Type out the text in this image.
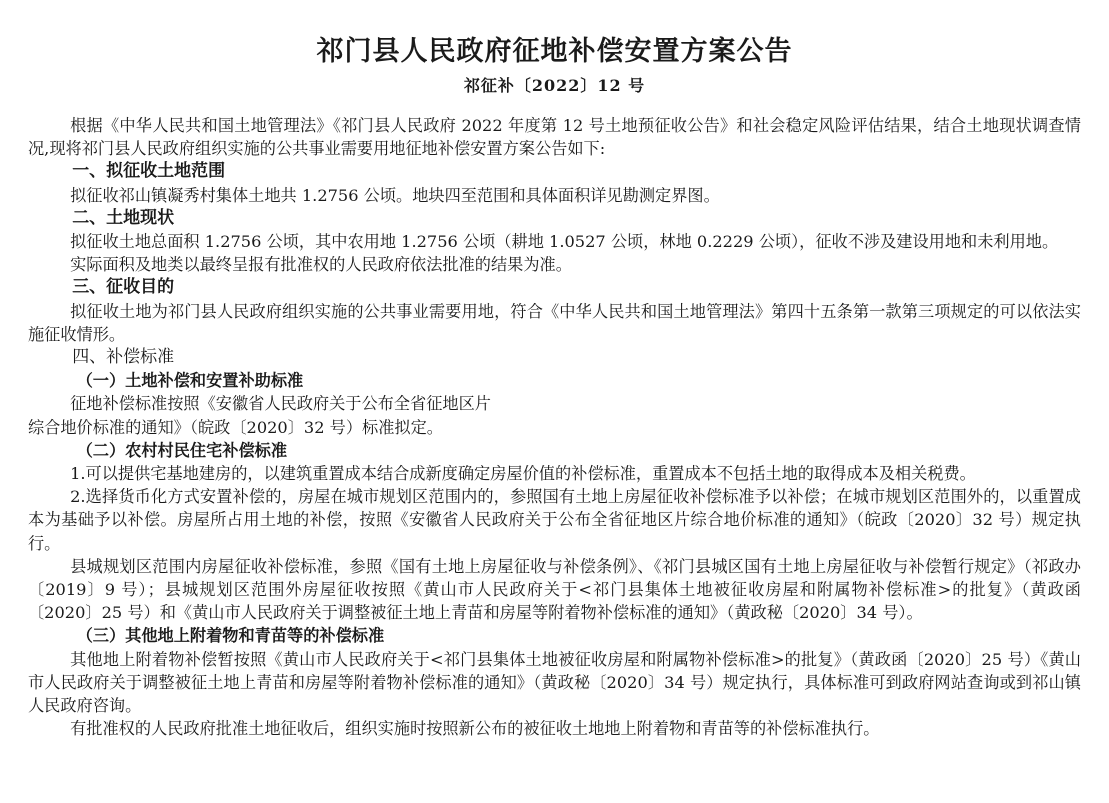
祁门县人民政府征地补偿安置方案公告
祁征补〔2022〕12 号

根据《中华人民共和国土地管理法》《祁门县人民政府 2022 年度第 12 号土地预征收公告》和社会稳定风险评估结果，结合土地现状调查情况,现将祁门县人民政府组织实施的公共事业需要用地征地补偿安置方案公告如下:

一、拟征收土地范围

拟征收祁山镇凝秀村集体土地共 1.2756 公顷。地块四至范围和具体面积详见勘测定界图。

二、土地现状

拟征收土地总面积 1.2756 公顷，其中农用地 1.2756 公顷（耕地 1.0527 公顷，林地 0.2229 公顷），征收不涉及建设用地和未利用地。

实际面积及地类以最终呈报有批准权的人民政府依法批准的结果为准。

三、征收目的

拟征收土地为祁门县人民政府组织实施的公共事业需要用地，符合《中华人民共和国土地管理法》第四十五条第一款第三项规定的可以依法实施征收情形。

四、补偿标准

（一）土地补偿和安置补助标准

征地补偿标准按照《安徽省人民政府关于公布全省征地区片

综合地价标准的通知》（皖政〔2020〕32 号）标准拟定。

（二）农村村民住宅补偿标准

1.可以提供宅基地建房的，以建筑重置成本结合成新度确定房屋价值的补偿标准，重置成本不包括土地的取得成本及相关税费。

2.选择货币化方式安置补偿的，房屋在城市规划区范围内的，参照国有土地上房屋征收补偿标准予以补偿；在城市规划区范围外的，以重置成本为基础予以补偿。房屋所占用土地的补偿，按照《安徽省人民政府关于公布全省征地区片综合地价标准的通知》（皖政〔2020〕32 号）规定执行。

县城规划区范围内房屋征收补偿标准，参照《国有土地上房屋征收与补偿条例》、《祁门县城区国有土地上房屋征收与补偿暂行规定》（祁政办〔2019〕9 号）；县城规划区范围外房屋征收按照《黄山市人民政府关于<祁门县集体土地被征收房屋和附属物补偿标准>的批复》（黄政函〔2020〕25 号）和《黄山市人民政府关于调整被征土地上青苗和房屋等附着物补偿标准的通知》（黄政秘〔2020〕34 号）。

（三）其他地上附着物和青苗等的补偿标准

其他地上附着物补偿暂按照《黄山市人民政府关于<祁门县集体土地被征收房屋和附属物补偿标准>的批复》（黄政函〔2020〕25 号）《黄山市人民政府关于调整被征土地上青苗和房屋等附着物补偿标准的通知》（黄政秘〔2020〕34 号）规定执行，具体标准可到政府网站查询或到祁山镇人民政府咨询。

有批准权的人民政府批准土地征收后，组织实施时按照新公布的被征收土地地上附着物和青苗等的补偿标准执行。
